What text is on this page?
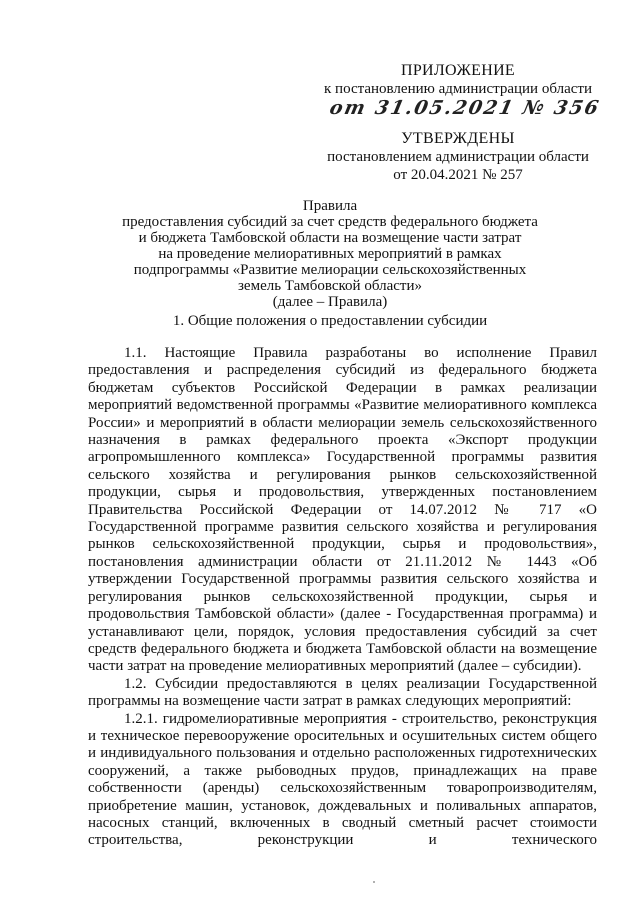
ПРИЛОЖЕНИЕ
к постановлению администрации области
от 31.05.2021 № 356
УТВЕРЖДЕНЫ
постановлением администрации области
от 20.04.2021 № 257
Правила
предоставления субсидий за счет средств федерального бюджета
и бюджета Тамбовской области на возмещение части затрат
на проведение мелиоративных мероприятий в рамках
подпрограммы «Развитие мелиорации сельскохозяйственных
земель Тамбовской области»
(далее – Правила)
1. Общие положения о предоставлении субсидии

1.1. Настоящие Правила разработаны во исполнение Правил предоставления и распределения субсидий из федерального бюджета бюджетам субъектов Российской Федерации в рамках реализации мероприятий ведомственной программы «Развитие мелиоративного комплекса России» и мероприятий в области мелиорации земель сельскохозяйственного назначения в рамках федерального проекта «Экспорт продукции агропромышленного комплекса» Государственной программы развития сельского хозяйства и регулирования рынков сельскохозяйственной продукции, сырья и продовольствия, утвержденных постановлением Правительства Российской Федерации от 14.07.2012 № 717 «О Государственной программе развития сельского хозяйства и регулирования рынков сельскохозяйственной продукции, сырья и продовольствия», постановления администрации области от 21.11.2012 № 1443 «Об утверждении Государственной программы развития сельского хозяйства и регулирования рынков сельскохозяйственной продукции, сырья и продовольствия Тамбовской области» (далее - Государственная программа) и устанавливают цели, порядок, условия предоставления субсидий за счет средств федерального бюджета и бюджета Тамбовской области на возмещение части затрат на проведение мелиоративных мероприятий (далее – субсидии).

1.2. Субсидии предоставляются в целях реализации Государственной программы на возмещение части затрат в рамках следующих мероприятий:

1.2.1. гидромелиоративные мероприятия - строительство, реконструкция и техническое перевооружение оросительных и осушительных систем общего и индивидуального пользования и отдельно расположенных гидротехнических сооружений, а также рыбоводных прудов, принадлежащих на праве собственности (аренды) сельскохозяйственным товаропроизводителям, приобретение машин, установок, дождевальных и поливальных аппаратов, насосных станций, включенных в сводный сметный расчет стоимости строительства, реконструкции и технического
